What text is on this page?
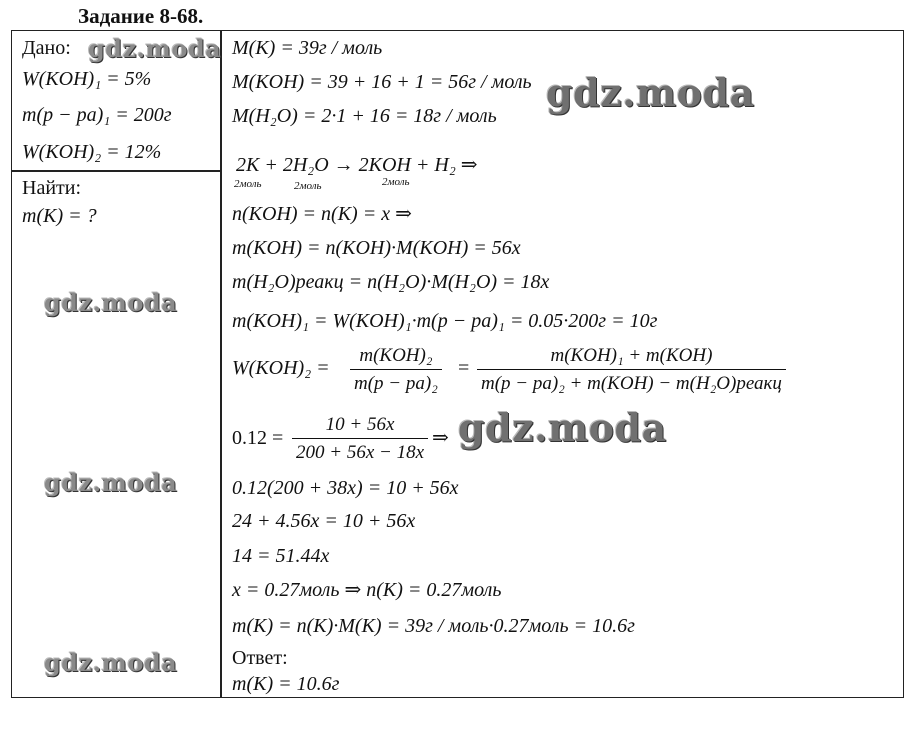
Задание 8-68.
Дано:
W(KOH)₁ = 5%
m(p − pa)₁ = 200г
W(KOH)₂ = 12%
Найти:
m(K) = ?
gdz.moda
gdz.moda
gdz.moda
gdz.moda
gdz.moda
gdz.moda
M(K) = 39г / моль
M(KOH) = 39 + 16 + 1 = 56г / моль
M(H₂O) = 2·1 + 16 = 18г / моль
2K + 2H₂O → 2KOH + H₂ ⇒
2моль	2моль	2моль
n(KOH) = n(K) = x ⇒
m(KOH) = n(KOH)·M(KOH) = 56x
m(H₂O)реакц = n(H₂O)·M(H₂O) = 18x
m(KOH)₁ = W(KOH)₁·m(p − pa)₁ = 0.05·200г = 10г
W(KOH)₂ =
m(KOH)₂
m(p − pa)₂
=
m(KOH)₁ + m(KOH)
m(p − pa)₂ + m(KOH) − m(H₂O)реакц
$0.12 = \frac{10 + 56x}{200 + 56x - 18x}$ ⇒
0.12(200 + 38x) = 10 + 56x
24 + 4.56x = 10 + 56x
14 = 51.44x
x = 0.27моль ⇒ n(K) = 0.27моль
m(K) = n(K)·M(K) = 39г / моль·0.27моль = 10.6г
Ответ:
m(K) = 10.6г
